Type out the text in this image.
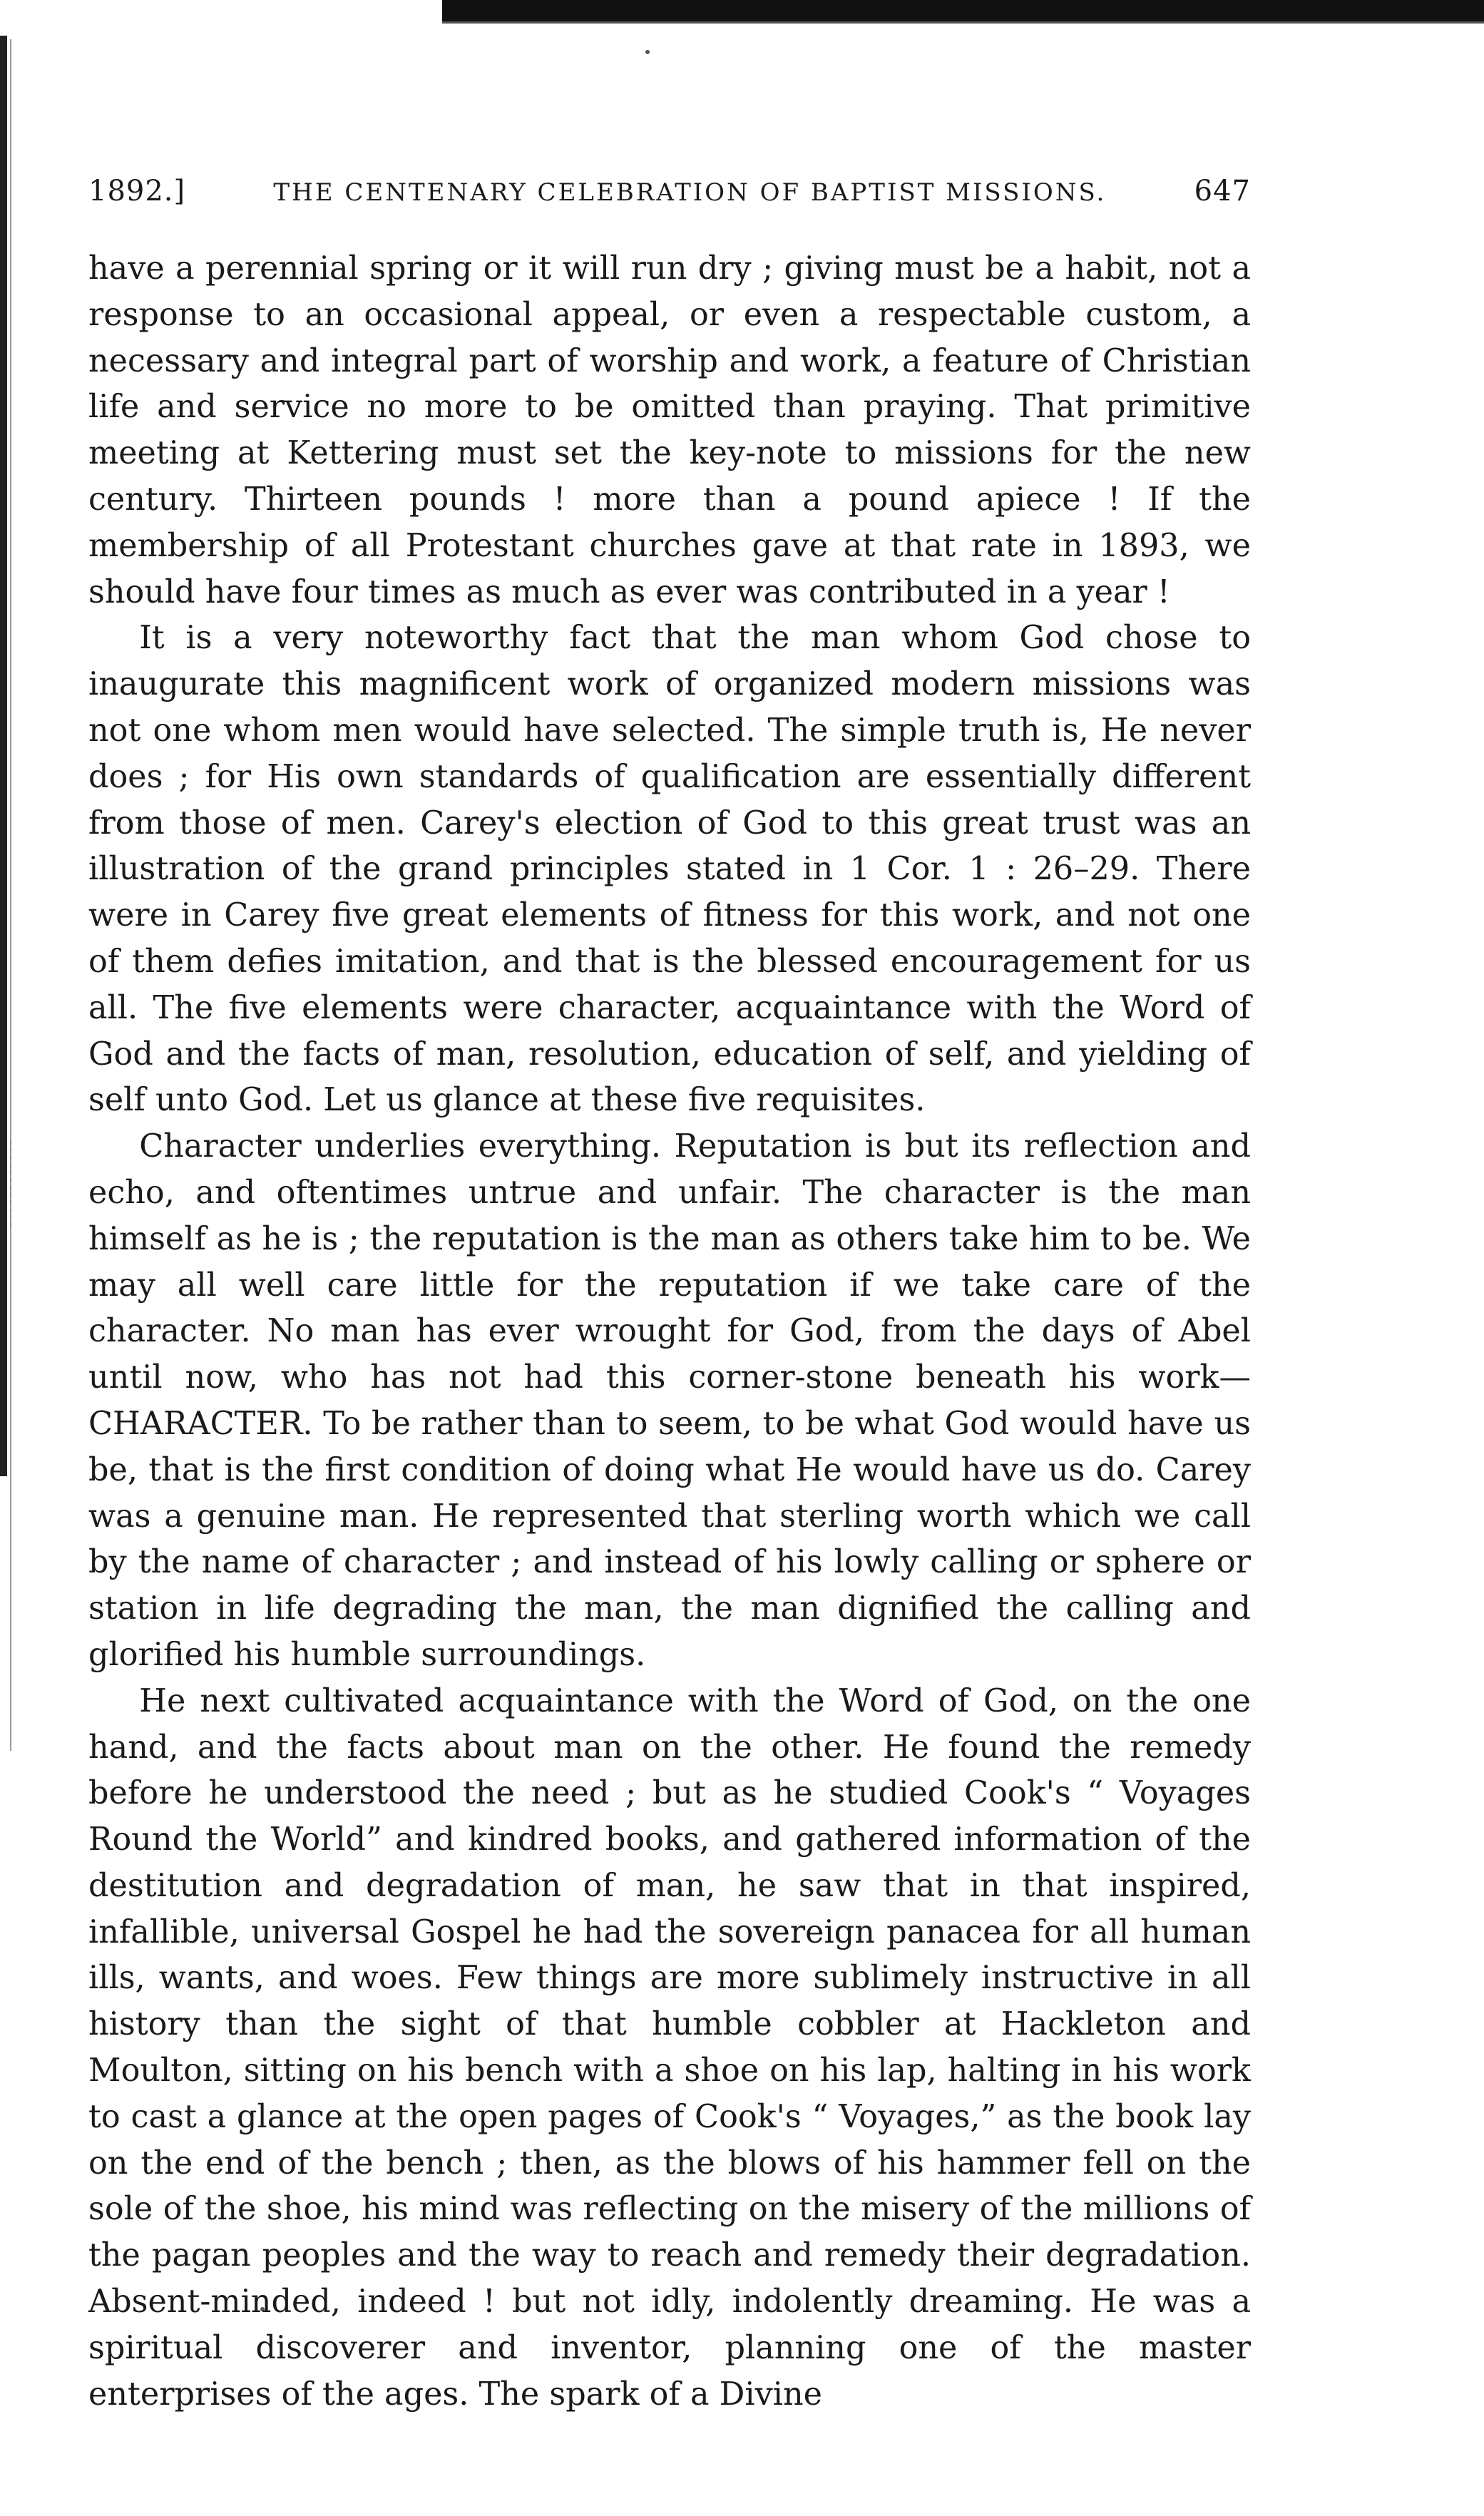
1892.]	THE CENTENARY CELEBRATION OF BAPTIST MISSIONS.	647

have a perennial spring or it will run dry ; giving must be a habit, not a response to an occasional appeal, or even a respectable custom, a necessary and integral part of worship and work, a feature of Christian life and service no more to be omitted than praying. That primitive meeting at Kettering must set the key-note to missions for the new century. Thirteen pounds ! more than a pound apiece ! If the membership of all Protestant churches gave at that rate in 1893, we should have four times as much as ever was contributed in a year !

It is a very noteworthy fact that the man whom God chose to inaugurate this magnificent work of organized modern missions was not one whom men would have selected. The simple truth is, He never does ; for His own standards of qualification are essentially different from those of men. Carey's election of God to this great trust was an illustration of the grand principles stated in 1 Cor. 1 : 26–29. There were in Carey five great elements of fitness for this work, and not one of them defies imitation, and that is the blessed encouragement for us all. The five elements were character, acquaintance with the Word of God and the facts of man, resolution, education of self, and yielding of self unto God. Let us glance at these five requisites.

Character underlies everything. Reputation is but its reflection and echo, and oftentimes untrue and unfair. The character is the man himself as he is ; the reputation is the man as others take him to be. We may all well care little for the reputation if we take care of the character. No man has ever wrought for God, from the days of Abel until now, who has not had this corner-stone beneath his work—CHARACTER. To be rather than to seem, to be what God would have us be, that is the first condition of doing what He would have us do. Carey was a genuine man. He represented that sterling worth which we call by the name of character ; and instead of his lowly calling or sphere or station in life degrading the man, the man dignified the calling and glorified his humble surroundings.

He next cultivated acquaintance with the Word of God, on the one hand, and the facts about man on the other. He found the remedy before he understood the need ; but as he studied Cook's “ Voyages Round the World” and kindred books, and gathered information of the destitution and degradation of man, he saw that in that inspired, infallible, universal Gospel he had the sovereign panacea for all human ills, wants, and woes. Few things are more sublimely instructive in all history than the sight of that humble cobbler at Hackleton and Moulton, sitting on his bench with a shoe on his lap, halting in his work to cast a glance at the open pages of Cook's “ Voyages,” as the book lay on the end of the bench ; then, as the blows of his hammer fell on the sole of the shoe, his mind was reflecting on the misery of the millions of the pagan peoples and the way to reach and remedy their degradation. Absent-minded, indeed ! but not idly, indolently dreaming. He was a spiritual discoverer and inventor, planning one of the master enterprises of the ages. The spark of a Divine
